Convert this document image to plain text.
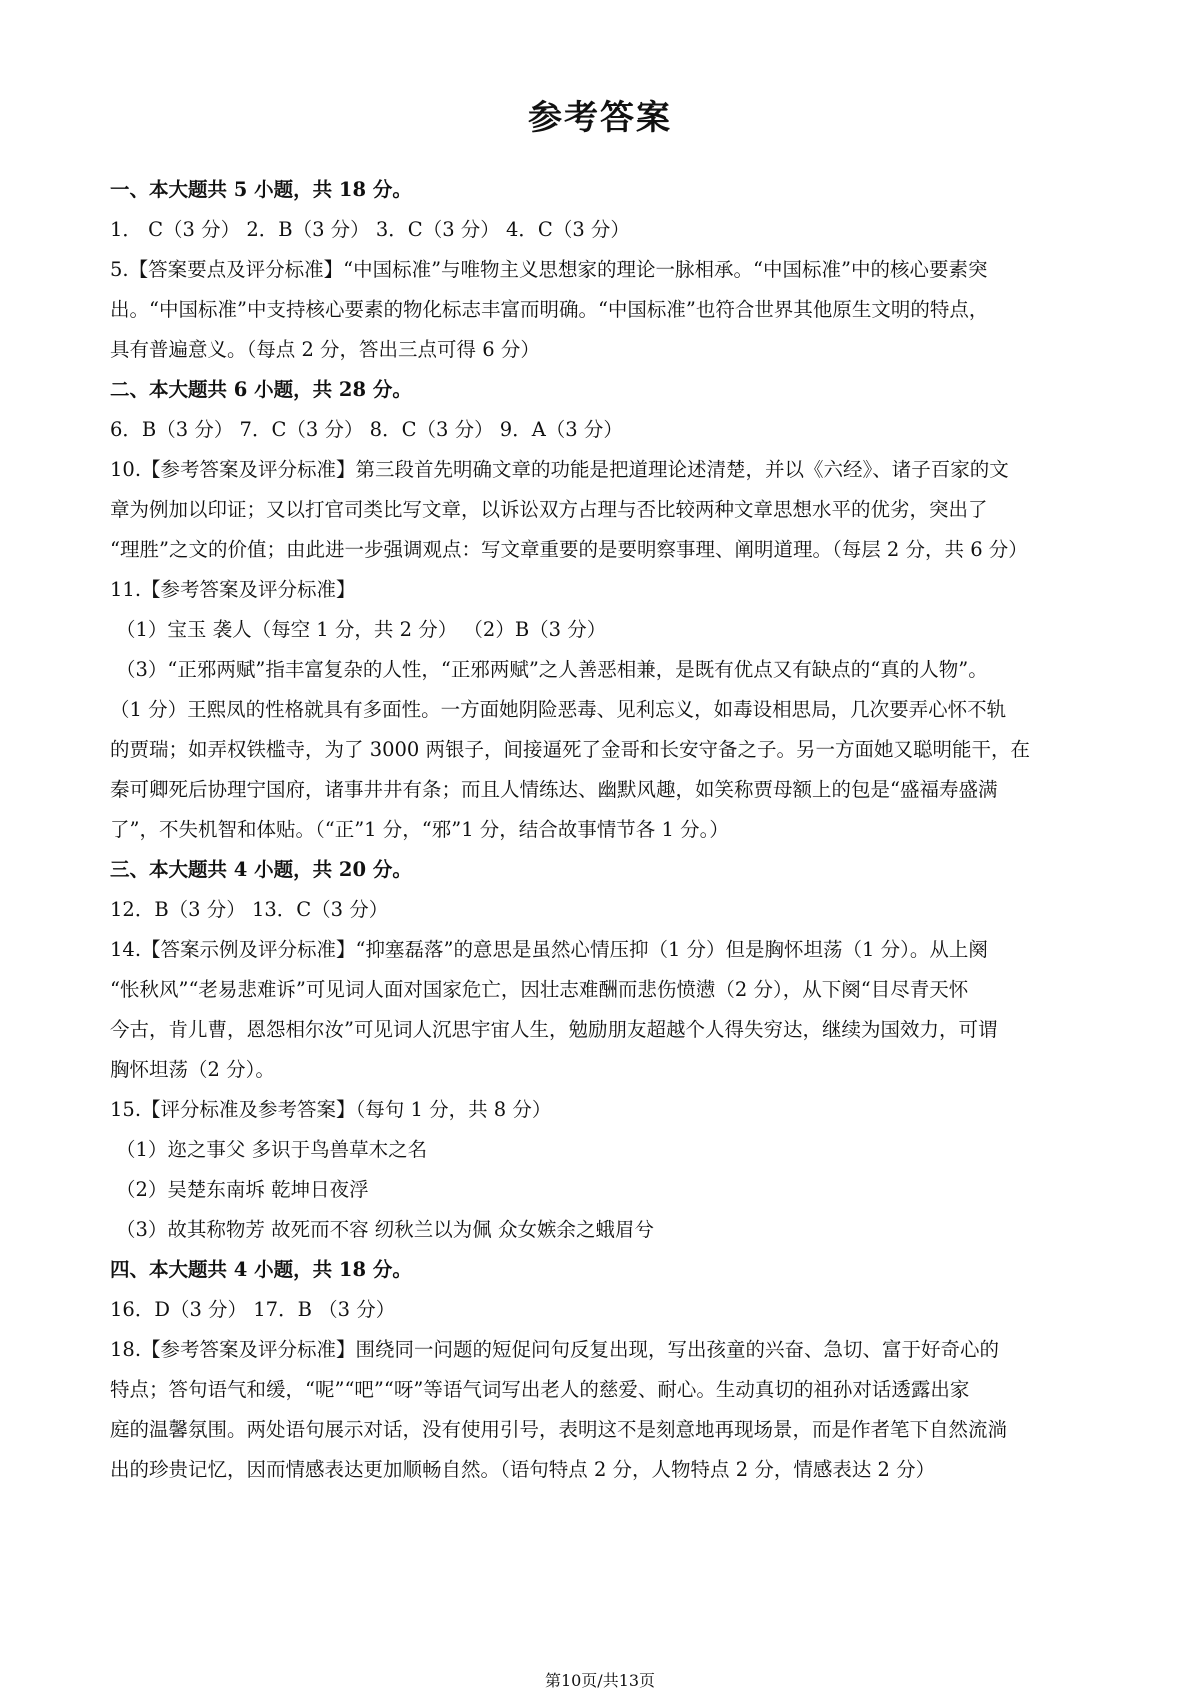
参考答案
一、本大题共 5 小题，共 18 分。
1． C（3 分） 2．B（3 分） 3．C（3 分） 4．C（3 分）
5.【答案要点及评分标准】“中国标准”与唯物主义思想家的理论一脉相承。“中国标准”中的核心要素突
出。“中国标准”中支持核心要素的物化标志丰富而明确。“中国标准”也符合世界其他原生文明的特点，
具有普遍意义。（每点 2 分，答出三点可得 6 分）
二、本大题共 6 小题，共 28 分。
6．B（3 分） 7．C（3 分） 8．C（3 分） 9．A（3 分）
10.【参考答案及评分标准】第三段首先明确文章的功能是把道理论述清楚，并以《六经》、诸子百家的文
章为例加以印证；又以打官司类比写文章，以诉讼双方占理与否比较两种文章思想水平的优劣，突出了
“理胜”之文的价值；由此进一步强调观点：写文章重要的是要明察事理、阐明道理。（每层 2 分，共 6 分）
11.【参考答案及评分标准】
（1）宝玉 袭人（每空 1 分，共 2 分） （2）B（3 分）
（3）“正邪两赋”指丰富复杂的人性，“正邪两赋”之人善恶相兼，是既有优点又有缺点的“真的人物”。
（1 分）王熙凤的性格就具有多面性。一方面她阴险恶毒、见利忘义，如毒设相思局，几次要弄心怀不轨
的贾瑞；如弄权铁槛寺，为了 3000 两银子，间接逼死了金哥和长安守备之子。另一方面她又聪明能干，在
秦可卿死后协理宁国府，诸事井井有条；而且人情练达、幽默风趣，如笑称贾母额上的包是“盛福寿盛满
了”，不失机智和体贴。（“正”1 分，“邪”1 分，结合故事情节各 1 分。）
三、本大题共 4 小题，共 20 分。
12．B（3 分） 13．C（3 分）
14.【答案示例及评分标准】“抑塞磊落”的意思是虽然心情压抑（1 分）但是胸怀坦荡（1 分）。从上阕
“怅秋风”“老易悲难诉”可见词人面对国家危亡，因壮志难酬而悲伤愤懑（2 分），从下阕“目尽青天怀
今古，肯儿曹，恩怨相尔汝”可见词人沉思宇宙人生，勉励朋友超越个人得失穷达，继续为国效力，可谓
胸怀坦荡（2 分）。
15.【评分标准及参考答案】（每句 1 分，共 8 分）
（1）迩之事父 多识于鸟兽草木之名
（2）吴楚东南坼 乾坤日夜浮
（3）故其称物芳 故死而不容 纫秋兰以为佩 众女嫉余之蛾眉兮
四、本大题共 4 小题，共 18 分。
16．D（3 分） 17．B （3 分）
18.【参考答案及评分标准】围绕同一问题的短促问句反复出现，写出孩童的兴奋、急切、富于好奇心的
特点；答句语气和缓，“呢”“吧”“呀”等语气词写出老人的慈爱、耐心。生动真切的祖孙对话透露出家
庭的温馨氛围。两处语句展示对话，没有使用引号，表明这不是刻意地再现场景，而是作者笔下自然流淌
出的珍贵记忆，因而情感表达更加顺畅自然。（语句特点 2 分，人物特点 2 分，情感表达 2 分）
第10页/共13页
